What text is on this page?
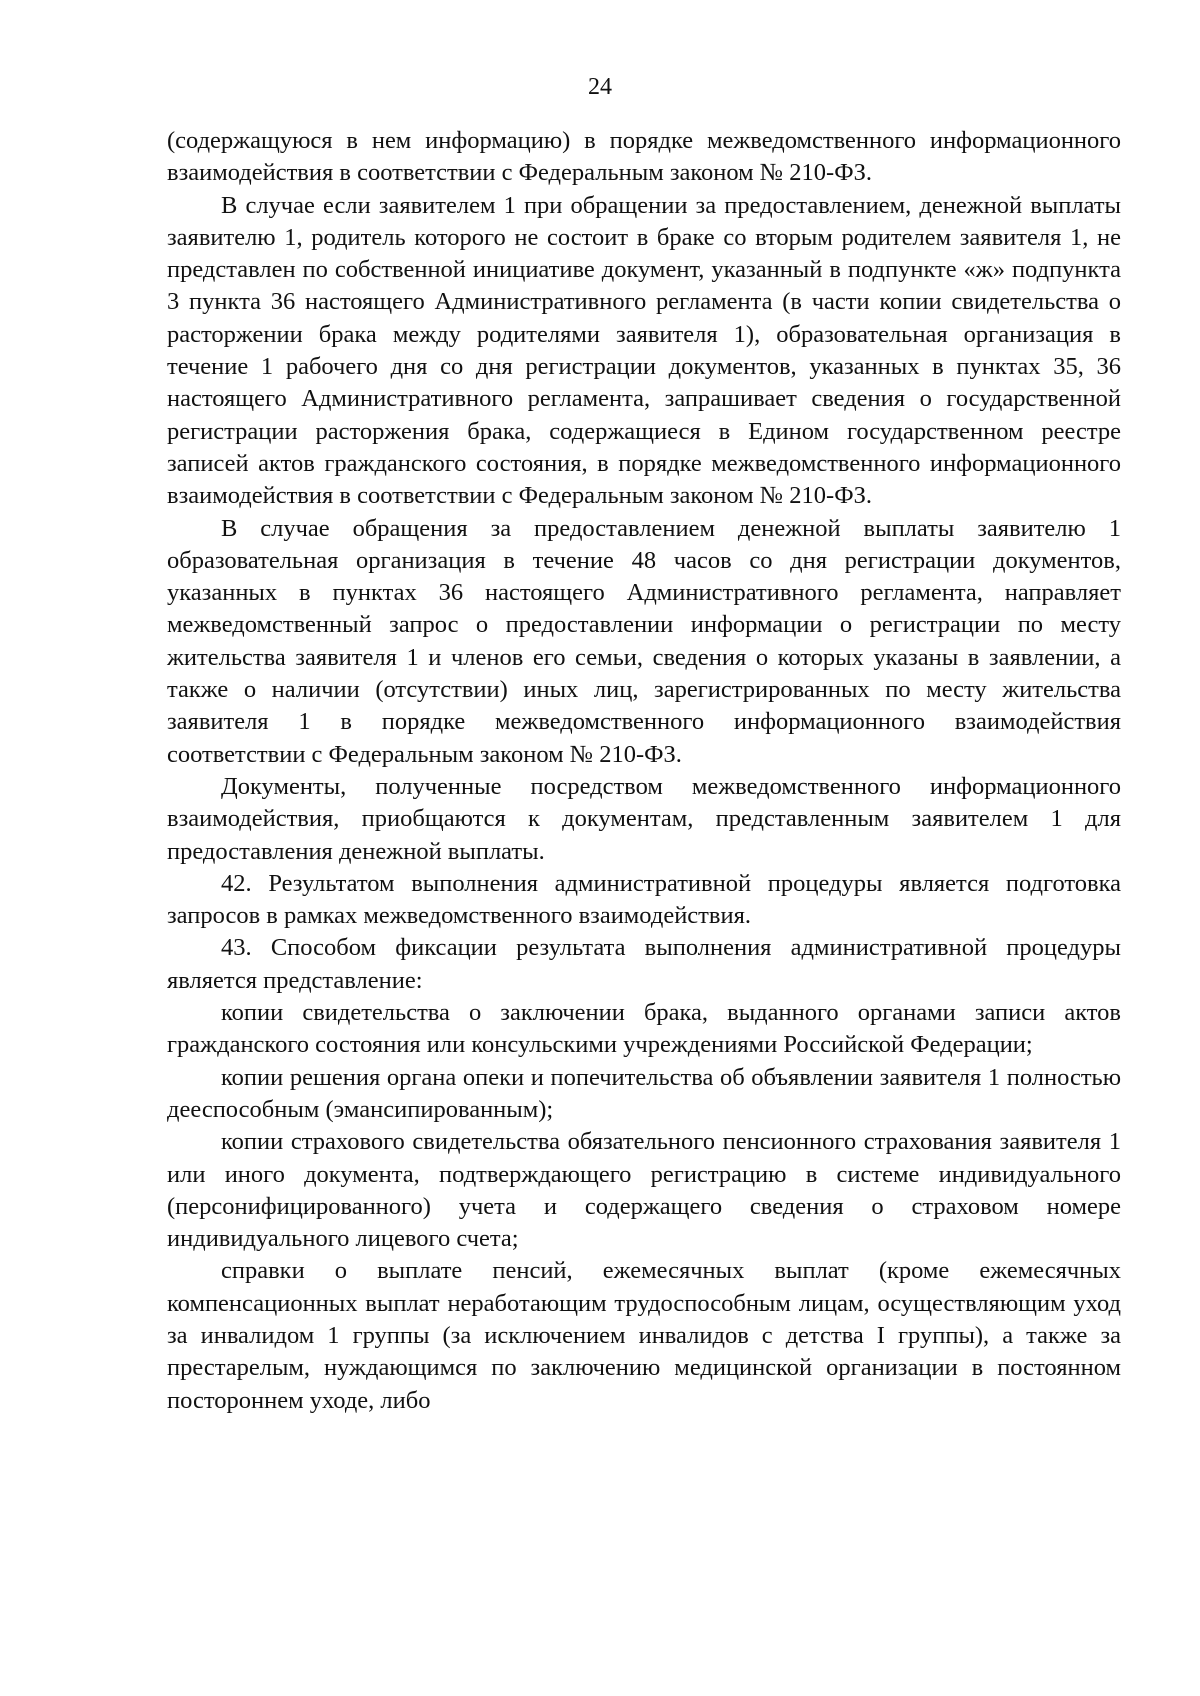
24

(содержащуюся в нем информацию) в порядке межведомственного информационного взаимодействия в соответствии с Федеральным законом № 210-ФЗ.

В случае если заявителем 1 при обращении за предоставлением, денежной выплаты заявителю 1, родитель которого не состоит в браке со вторым родителем заявителя 1, не представлен по собственной инициативе документ, указанный в подпункте «ж» подпункта 3 пункта 36 настоящего Административного регламента (в части копии свидетельства о расторжении брака между родителями заявителя 1), образовательная организация в течение 1 рабочего дня со дня регистрации документов, указанных в пунктах 35, 36 настоящего Административного регламента, запрашивает сведения о государственной регистрации расторжения брака, содержащиеся в Едином государственном реестре записей актов гражданского состояния, в порядке межведомственного информационного взаимодействия в соответствии с Федеральным законом № 210-ФЗ.

В случае обращения за предоставлением денежной выплаты заявителю 1 образовательная организация в течение 48 часов со дня регистрации документов, указанных в пунктах 36 настоящего Административного регламента, направляет межведомственный запрос о предоставлении информации о регистрации по месту жительства заявителя 1 и членов его семьи, сведения о которых указаны в заявлении, а также о наличии (отсутствии) иных лиц, зарегистрированных по месту жительства заявителя 1 в порядке межведомственного информационного взаимодействия соответствии с Федеральным законом № 210-ФЗ.

Документы, полученные посредством межведомственного информационного взаимодействия, приобщаются к документам, представленным заявителем 1 для предоставления денежной выплаты.

42. Результатом выполнения административной процедуры является подготовка запросов в рамках межведомственного взаимодействия.

43. Способом фиксации результата выполнения административной процедуры является представление:

копии свидетельства о заключении брака, выданного органами записи актов гражданского состояния или консульскими учреждениями Российской Федерации;

копии решения органа опеки и попечительства об объявлении заявителя 1 полностью дееспособным (эмансипированным);

копии страхового свидетельства обязательного пенсионного страхования заявителя 1 или иного документа, подтверждающего регистрацию в системе индивидуального (персонифицированного) учета и содержащего сведения о страховом номере индивидуального лицевого счета;

справки о выплате пенсий, ежемесячных выплат (кроме ежемесячных компенсационных выплат неработающим трудоспособным лицам, осуществляющим уход за инвалидом 1 группы (за исключением инвалидов с детства I группы), а также за престарелым, нуждающимся по заключению медицинской организации в постоянном постороннем уходе, либо
